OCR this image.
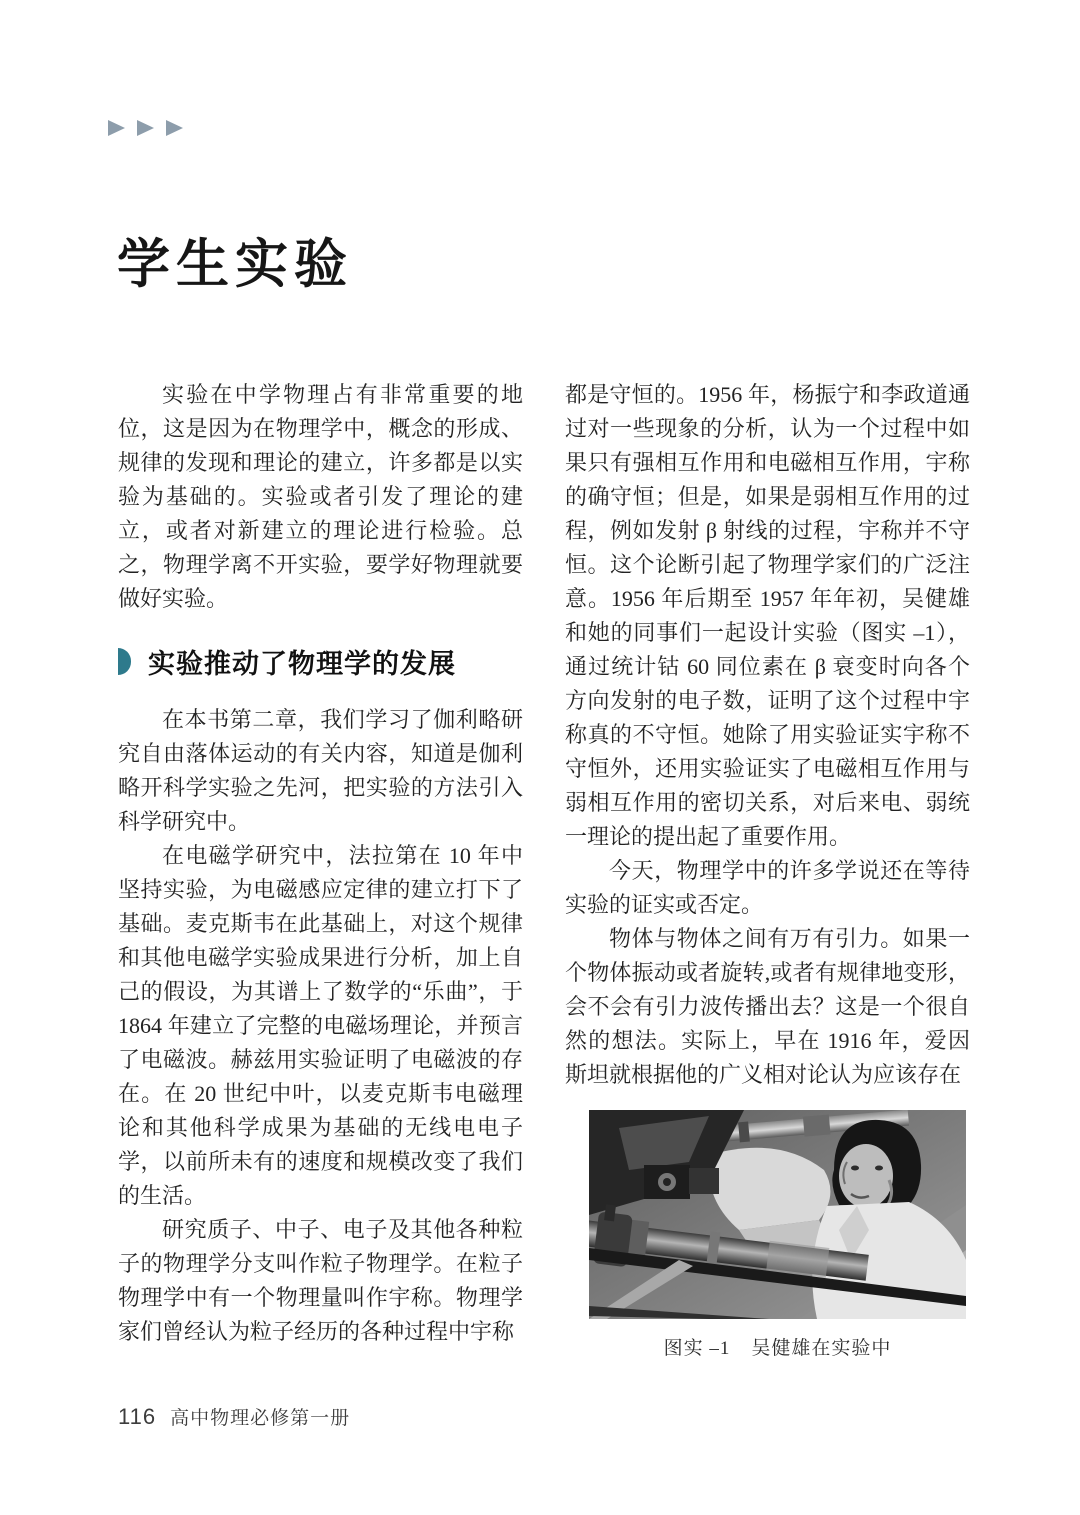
学生实验

实验在中学物理占有非常重要的地位，这是因为在物理学中，概念的形成、规律的发现和理论的建立，许多都是以实验为基础的。实验或者引发了理论的建立，或者对新建立的理论进行检验。总之，物理学离不开实验，要学好物理就要做好实验。

实验推动了物理学的发展

在本书第二章，我们学习了伽利略研究自由落体运动的有关内容，知道是伽利略开科学实验之先河，把实验的方法引入科学研究中。

在电磁学研究中，法拉第在 10 年中坚持实验，为电磁感应定律的建立打下了基础。麦克斯韦在此基础上，对这个规律和其他电磁学实验成果进行分析，加上自己的假设，为其谱上了数学的“乐曲”，于 1864 年建立了完整的电磁场理论，并预言了电磁波。赫兹用实验证明了电磁波的存在。在 20 世纪中叶，以麦克斯韦电磁理论和其他科学成果为基础的无线电电子学，以前所未有的速度和规模改变了我们的生活。

研究质子、中子、电子及其他各种粒子的物理学分支叫作粒子物理学。在粒子物理学中有一个物理量叫作宇称。物理学家们曾经认为粒子经历的各种过程中宇称

都是守恒的。1956 年，杨振宁和李政道通过对一些现象的分析，认为一个过程中如果只有强相互作用和电磁相互作用，宇称的确守恒；但是，如果是弱相互作用的过程，例如发射 β 射线的过程，宇称并不守恒。这个论断引起了物理学家们的广泛注意。1956 年后期至 1957 年年初，吴健雄和她的同事们一起设计实验（图实 –1），通过统计钴 60 同位素在 β 衰变时向各个方向发射的电子数，证明了这个过程中宇称真的不守恒。她除了用实验证实宇称不守恒外，还用实验证实了电磁相互作用与弱相互作用的密切关系，对后来电、弱统一理论的提出起了重要作用。

今天，物理学中的许多学说还在等待实验的证实或否定。

物体与物体之间有万有引力。如果一个物体振动或者旋转,或者有规律地变形，会不会有引力波传播出去？这是一个很自然的想法。实际上，早在 1916 年，爱因斯坦就根据他的广义相对论认为应该存在

图实 –1 吴健雄在实验中
116 高中物理必修第一册
